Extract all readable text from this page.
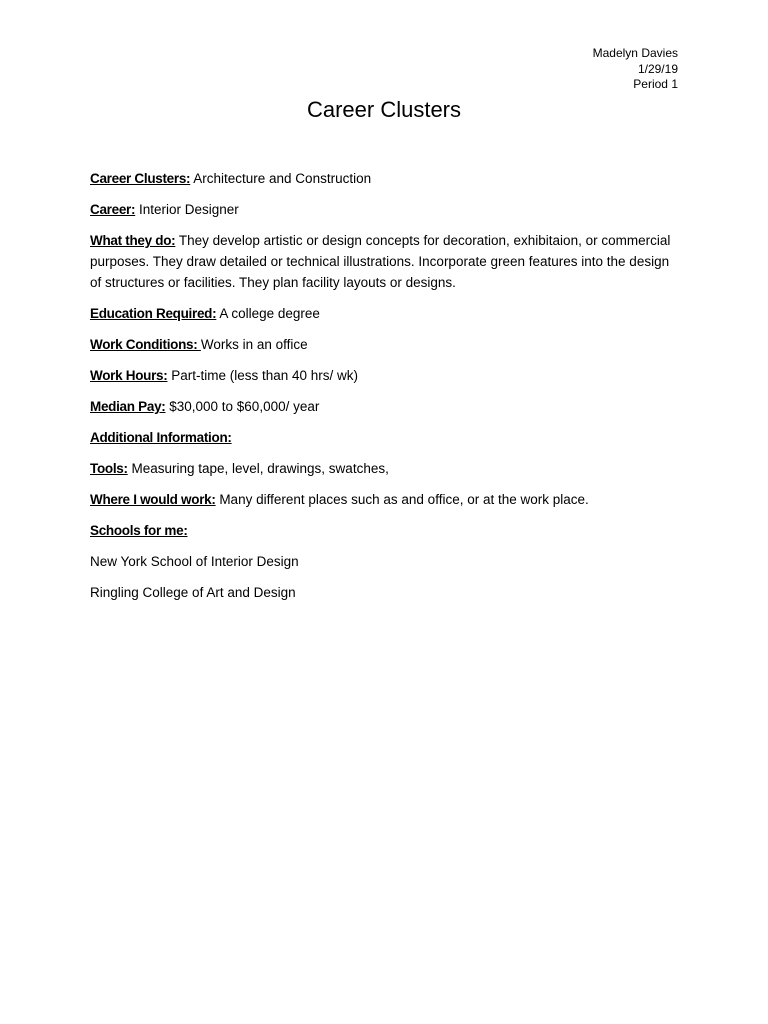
Madelyn Davies
1/29/19
Period 1
Career Clusters

Career Clusters: Architecture and Construction

Career: Interior Designer

What they do: They develop artistic or design concepts for decoration, exhibitaion, or commercial purposes. They draw detailed or technical illustrations. Incorporate green features into the design of structures or facilities. They plan facility layouts or designs.

Education Required: A college degree

Work Conditions: Works in an office

Work Hours: Part-time (less than 40 hrs/ wk)

Median Pay: $30,000 to $60,000/ year

Additional Information:

Tools: Measuring tape, level, drawings, swatches,

Where I would work: Many different places such as and office, or at the work place.

Schools for me:

New York School of Interior Design

Ringling College of Art and Design
